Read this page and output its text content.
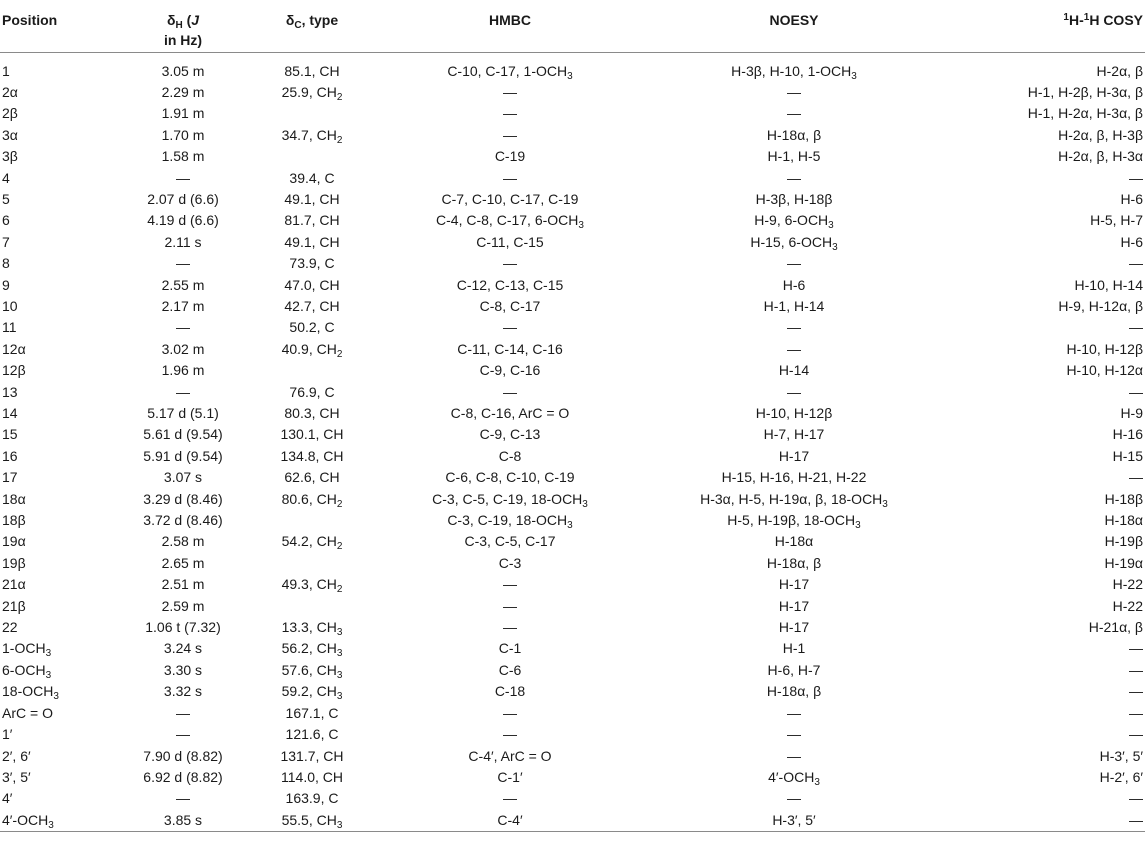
Position	$\delta_H$ (J
in Hz)	$\delta_C$, type	HMBC	NOESY	$^1$H-$^1$H COSY
1	3.05 m	85.1, CH	C-10, C-17, $1-OCH_3$	H-3β, H-10, $1-OCH_3$	H-2α, β
2α	2.29 m	25.9, $CH_2$	—	—	H-1, H-2β, H-3α, β
2β	1.91 m		—	—	H-1, H-2α, H-3α, β
3α	1.70 m	34.7, $CH_2$	—	H-18α, β	H-2α, β, H-3β
3β	1.58 m		C-19	H-1, H-5	H-2α, β, H-3α
4	—	39.4, C	—	—	—
5	2.07 d (6.6)	49.1, CH	C-7, C-10, C-17, C-19	H-3β, H-18β	H-6
6	4.19 d (6.6)	81.7, CH	C-4, C-8, C-17, $6-OCH_3$	H-9, $6-OCH_3$	H-5, H-7
7	2.11 s	49.1, CH	C-11, C-15	H-15, $6-OCH_3$	H-6
8	—	73.9, C	—	—	—
9	2.55 m	47.0, CH	C-12, C-13, C-15	H-6	H-10, H-14
10	2.17 m	42.7, CH	C-8, C-17	H-1, H-14	H-9, H-12α, β
11	—	50.2, C	—	—	—
12α	3.02 m	40.9, $CH_2$	C-11, C-14, C-16	—	H-10, H-12β
12β	1.96 m		C-9, C-16	H-14	H-10, H-12α
13	—	76.9, C	—	—	—
14	5.17 d (5.1)	80.3, CH	C-8, C-16, ArC = O	H-10, H-12β	H-9
15	5.61 d (9.54)	130.1, CH	C-9, C-13	H-7, H-17	H-16
16	5.91 d (9.54)	134.8, CH	C-8	H-17	H-15
17	3.07 s	62.6, CH	C-6, C-8, C-10, C-19	H-15, H-16, H-21, H-22	—
18α	3.29 d (8.46)	80.6, $CH_2$	C-3, C-5, C-19, $18-OCH_3$	H-3α, H-5, H-19α, β, $18-OCH_3$	H-18β
18β	3.72 d (8.46)		C-3, C-19, $18-OCH_3$	H-5, H-19β, $18-OCH_3$	H-18α
19α	2.58 m	54.2, $CH_2$	C-3, C-5, C-17	H-18α	H-19β
19β	2.65 m		C-3	H-18α, β	H-19α
21α	2.51 m	49.3, $CH_2$	—	H-17	H-22
21β	2.59 m		—	H-17	H-22
22	1.06 t (7.32)	13.3, $CH_3$	—	H-17	H-21α, β
$1-OCH_3$	3.24 s	56.2, $CH_3$	C-1	H-1	—
$6-OCH_3$	3.30 s	57.6, $CH_3$	C-6	H-6, H-7	—
$18-OCH_3$	3.32 s	59.2, $CH_3$	C-18	H-18α, β	—
ArC = O	—	167.1, C	—	—	—
1′	—	121.6, C	—	—	—
2′, 6′	7.90 d (8.82)	131.7, CH	C-4′, ArC = O	—	H-3′, 5′
3′, 5′	6.92 d (8.82)	114.0, CH	C-1′	$4'-OCH_3$	H-2′, 6′
4′	—	163.9, C	—	—	—
$4'-OCH_3$	3.85 s	55.5, $CH_3$	C-4′	H-3′, 5′	—
